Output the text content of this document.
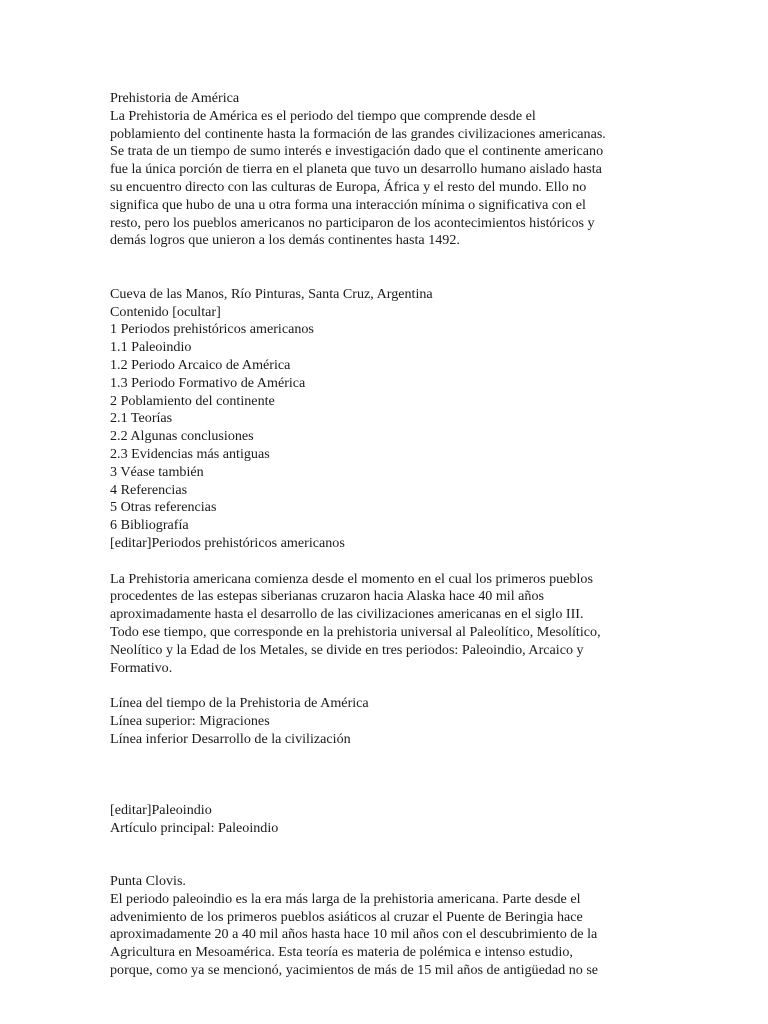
Prehistoria de América
La Prehistoria de América es el periodo del tiempo que comprende desde el
poblamiento del continente hasta la formación de las grandes civilizaciones americanas.
Se trata de un tiempo de sumo interés e investigación dado que el continente americano
fue la única porción de tierra en el planeta que tuvo un desarrollo humano aislado hasta
su encuentro directo con las culturas de Europa, África y el resto del mundo. Ello no
significa que hubo de una u otra forma una interacción mínima o significativa con el
resto, pero los pueblos americanos no participaron de los acontecimientos históricos y
demás logros que unieron a los demás continentes hasta 1492.
Cueva de las Manos, Río Pinturas, Santa Cruz, Argentina
Contenido [ocultar]
1 Periodos prehistóricos americanos
1.1 Paleoindio
1.2 Periodo Arcaico de América
1.3 Periodo Formativo de América
2 Poblamiento del continente
2.1 Teorías
2.2 Algunas conclusiones
2.3 Evidencias más antiguas
3 Véase también
4 Referencias
5 Otras referencias
6 Bibliografía
[editar]Periodos prehistóricos americanos
La Prehistoria americana comienza desde el momento en el cual los primeros pueblos
procedentes de las estepas siberianas cruzaron hacia Alaska hace 40 mil años
aproximadamente hasta el desarrollo de las civilizaciones americanas en el siglo III.
Todo ese tiempo, que corresponde en la prehistoria universal al Paleolítico, Mesolítico,
Neolítico y la Edad de los Metales, se divide en tres periodos: Paleoindio, Arcaico y
Formativo.
Línea del tiempo de la Prehistoria de América
Línea superior: Migraciones
Línea inferior Desarrollo de la civilización
[editar]Paleoindio
Artículo principal: Paleoindio
Punta Clovis.
El periodo paleoindio es la era más larga de la prehistoria americana. Parte desde el
advenimiento de los primeros pueblos asiáticos al cruzar el Puente de Beringia hace
aproximadamente 20 a 40 mil años hasta hace 10 mil años con el descubrimiento de la
Agricultura en Mesoamérica. Esta teoría es materia de polémica e intenso estudio,
porque, como ya se mencionó, yacimientos de más de 15 mil años de antigüedad no se
